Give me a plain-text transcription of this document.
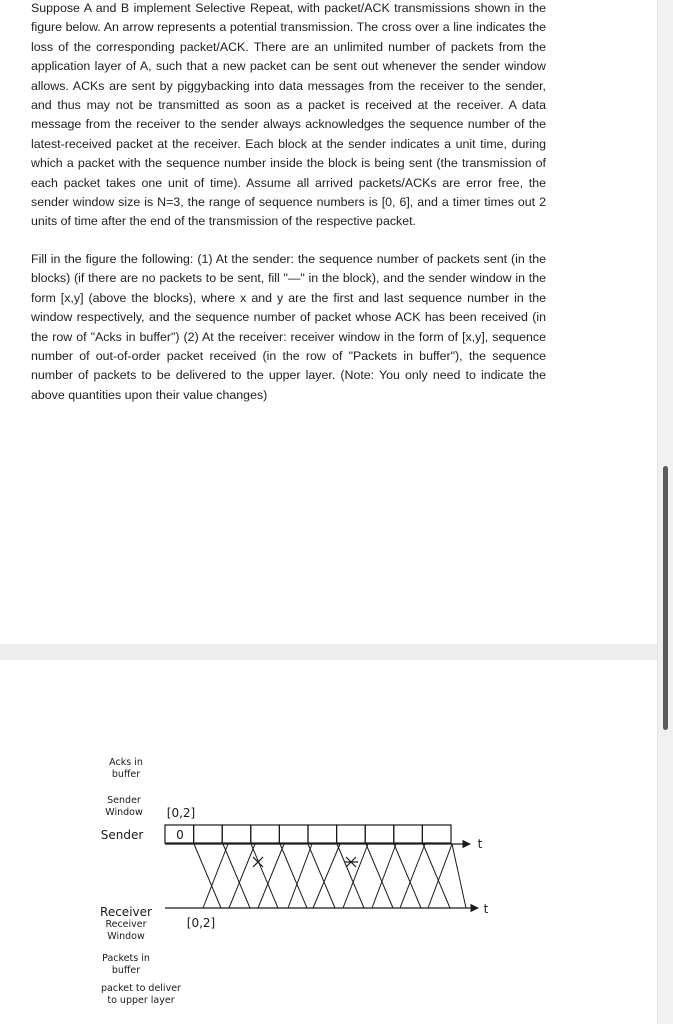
Suppose A and B implement Selective Repeat, with packet/ACK transmissions shown in the figure below. An arrow represents a potential transmission. The cross over a line indicates the loss of the corresponding packet/ACK. There are an unlimited number of packets from the application layer of A, such that a new packet can be sent out whenever the sender window allows. ACKs are sent by piggybacking into data messages from the receiver to the sender, and thus may not be transmitted as soon as a packet is received at the receiver. A data message from the receiver to the sender always acknowledges the sequence number of the latest-received packet at the receiver. Each block at the sender indicates a unit time, during which a packet with the sequence number inside the block is being sent (the transmission of each packet takes one unit of time). Assume all arrived packets/ACKs are error free, the sender window size is N=3, the range of sequence numbers is [0, 6], and a timer times out 2 units of time after the end of the transmission of the respective packet.

Fill in the figure the following: (1) At the sender: the sequence number of packets sent (in the blocks) (if there are no packets to be sent, fill "—" in the block), and the sender window in the form [x,y] (above the blocks), where x and y are the first and last sequence number in the window respectively, and the sequence number of packet whose ACK has been received (in the row of "Acks in buffer") (2) At the receiver: receiver window in the form of [x,y], sequence number of out-of-order packet received (in the row of "Packets in buffer"), the sequence number of packets to be delivered to the upper layer. (Note: You only need to indicate the above quantities upon their value changes)

Acks in
buffer
Sender
Window
Sender
Receiver
Receiver
Window
Packets in
buffer
packet to deliver
to upper layer
[0,2]
[0,2]
0
t
t
